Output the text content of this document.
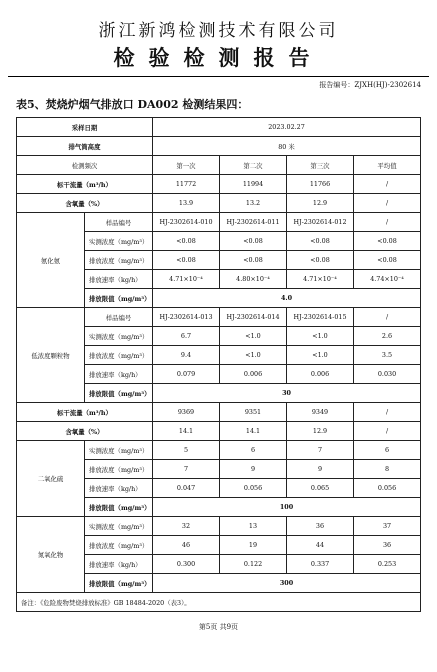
浙江新鸿检测技术有限公司
检验检测报告
报告编号：ZJXH(HJ)-2302614
表5、焚烧炉烟气排放口 DA002 检测结果四：
采样日期		2023.02.27			
排气筒高度		80 米			
检测频次		第一次	第二次	第三次	平均值
标干流量（m³/h）		11772	11994	11766	/
含氧量（%）		13.9	13.2	12.9	/
氨化氨	样品编号	HJ-2302614-010	HJ-2302614-011	HJ-2302614-012	/
	实测浓度（mg/m³）	<0.08	<0.08	<0.08	<0.08
	排放浓度（mg/m³）	<0.08	<0.08	<0.08	<0.08
	排放速率（kg/h）	4.71×10⁻⁴	4.80×10⁻⁴	4.71×10⁻⁴	4.74×10⁻⁴
	排放限值（mg/m³）	4.0			
低浓度颗粒物	样品编号	HJ-2302614-013	HJ-2302614-014	HJ-2302614-015	/
	实测浓度（mg/m³）	6.7	<1.0	<1.0	2.6
	排放浓度（mg/m³）	9.4	<1.0	<1.0	3.5
	排放速率（kg/h）	0.079	0.006	0.006	0.030
	排放限值（mg/m³）	30			
标干流量（m³/h）		9369	9351	9349	/
含氧量（%）		14.1	14.1	12.9	/
二氧化硫	实测浓度（mg/m³）	5	6	7	6
	排放浓度（mg/m³）	7	9	9	8
	排放速率（kg/h）	0.047	0.056	0.065	0.056
	排放限值（mg/m³）	100			
氮氧化物	实测浓度（mg/m³）	32	13	36	37
	排放浓度（mg/m³）	46	19	44	36
	排放速率（kg/h）	0.300	0.122	0.337	0.253
	排放限值（mg/m³）	300			
备注：《危险废物焚烧排放标准》GB 18484-2020（表3）。					
第5页 共9页
